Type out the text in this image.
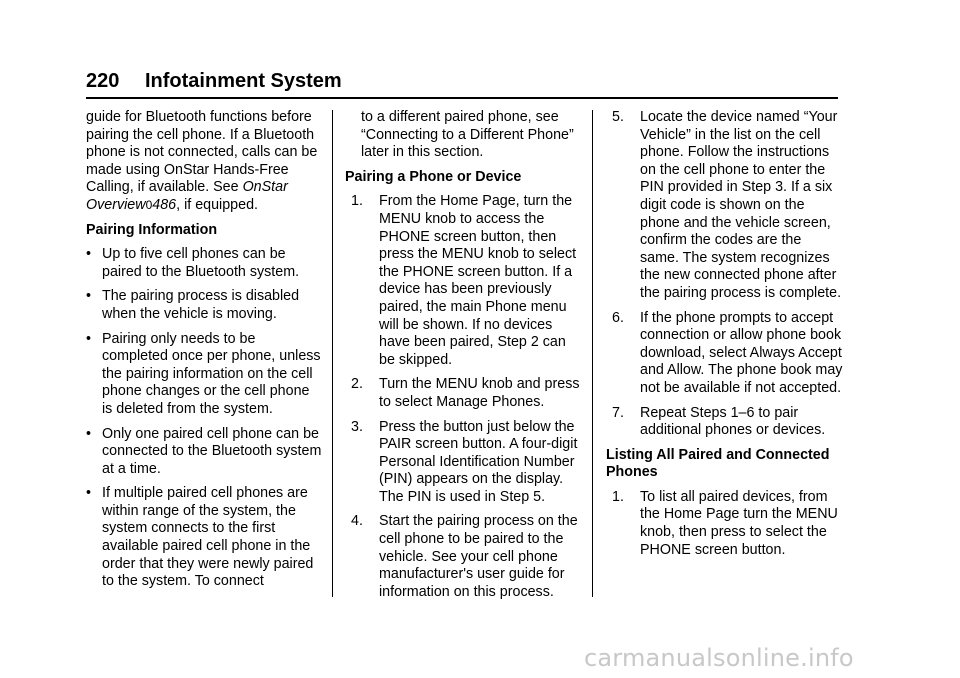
220 Infotainment System

guide for Bluetooth functions before pairing the cell phone. If a Bluetooth phone is not connected, calls can be made using OnStar Hands-Free Calling, if available. See OnStar Overview0486, if equipped.

Pairing Information

• Up to five cell phones can be paired to the Bluetooth system.
• The pairing process is disabled when the vehicle is moving.
• Pairing only needs to be completed once per phone, unless the pairing information on the cell phone changes or the cell phone is deleted from the system.
• Only one paired cell phone can be connected to the Bluetooth system at a time.
• If multiple paired cell phones are within range of the system, the system connects to the first available paired cell phone in the order that they were newly paired to the system. To connect

to a different paired phone, see “Connecting to a Different Phone” later in this section.

Pairing a Phone or Device

1. From the Home Page, turn the MENU knob to access the PHONE screen button, then press the MENU knob to select the PHONE screen button. If a device has been previously paired, the main Phone menu will be shown. If no devices have been paired, Step 2 can be skipped.
2. Turn the MENU knob and press to select Manage Phones.
3. Press the button just below the PAIR screen button. A four-digit Personal Identification Number (PIN) appears on the display. The PIN is used in Step 5.
4. Start the pairing process on the cell phone to be paired to the vehicle. See your cell phone manufacturer's user guide for information on this process.
5. Locate the device named “Your Vehicle” in the list on the cell phone. Follow the instructions on the cell phone to enter the PIN provided in Step 3. If a six digit code is shown on the phone and the vehicle screen, confirm the codes are the same. The system recognizes the new connected phone after the pairing process is complete.
6. If the phone prompts to accept connection or allow phone book download, select Always Accept and Allow. The phone book may not be available if not accepted.
7. Repeat Steps 1–6 to pair additional phones or devices.

Listing All Paired and Connected Phones

1. To list all paired devices, from the Home Page turn the MENU knob, then press to select the PHONE screen button.
carmanualsonline.info
